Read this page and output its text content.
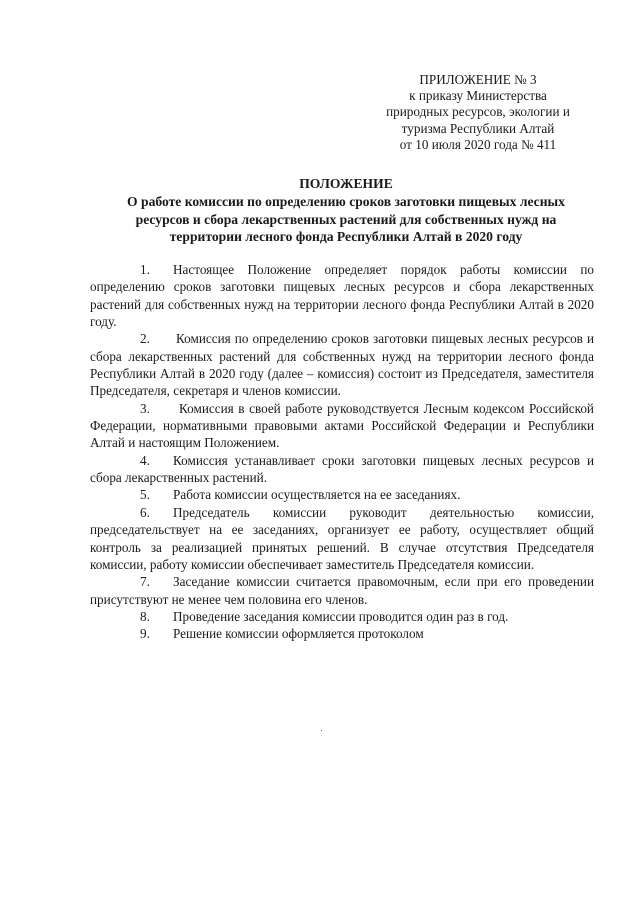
ПРИЛОЖЕНИЕ № 3
к приказу Министерства
природных ресурсов, экологии и
туризма Республики Алтай
от 10 июля 2020 года № 411
ПОЛОЖЕНИЕ
О работе комиссии по определению сроков заготовки пищевых лесных
ресурсов и сбора лекарственных растений для собственных нужд на
территории лесного фонда Республики Алтай в 2020 году
1. Настоящее Положение определяет порядок работы комиссии по определению сроков заготовки пищевых лесных ресурсов и сбора лекарственных растений для собственных нужд на территории лесного фонда Республики Алтай в 2020 году.
2. Комиссия по определению сроков заготовки пищевых лесных ресурсов и сбора лекарственных растений для собственных нужд на территории лесного фонда Республики Алтай в 2020 году (далее – комиссия) состоит из Председателя, заместителя Председателя, секретаря и членов комиссии.
3. Комиссия в своей работе руководствуется Лесным кодексом Российской Федерации, нормативными правовыми актами Российской Федерации и Республики Алтай и настоящим Положением.
4. Комиссия устанавливает сроки заготовки пищевых лесных ресурсов и сбора лекарственных растений.
5. Работа комиссии осуществляется на ее заседаниях.
6. Председатель комиссии руководит деятельностью комиссии, председательствует на ее заседаниях, организует ее работу, осуществляет общий контроль за реализацией принятых решений. В случае отсутствия Председателя комиссии, работу комиссии обеспечивает заместитель Председателя комиссии.
7. Заседание комиссии считается правомочным, если при его проведении присутствуют не менее чем половина его членов.
8. Проведение заседания комиссии проводится один раз в год.
9. Решение комиссии оформляется протоколом
